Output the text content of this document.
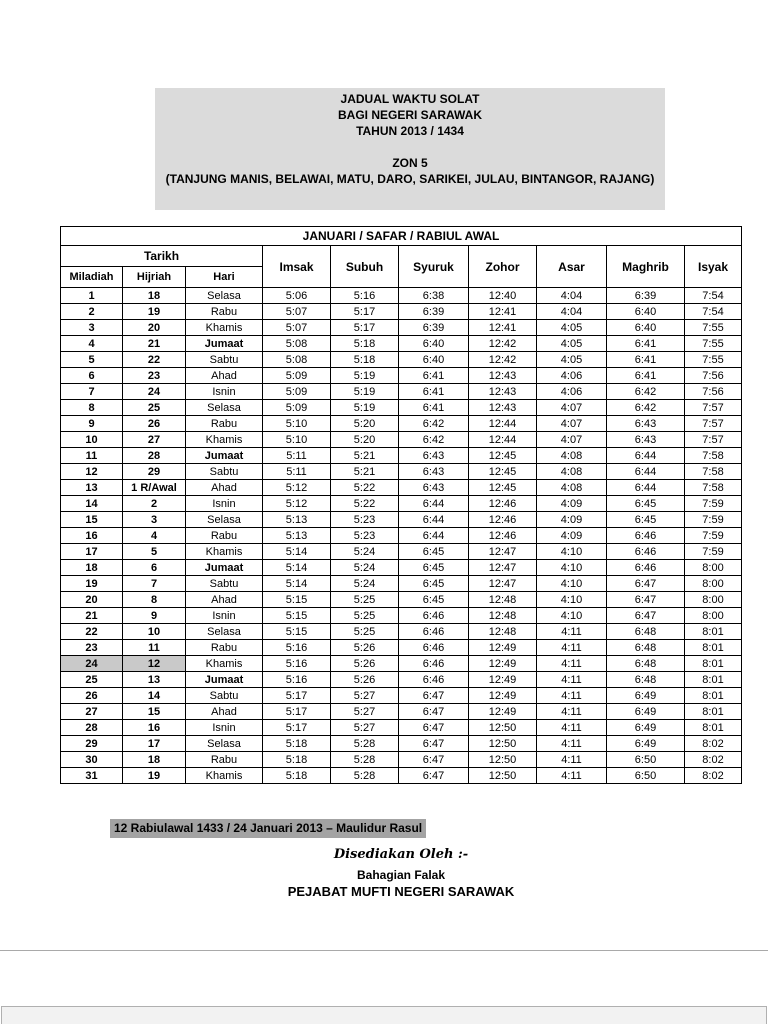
JADUAL WAKTU SOLAT
BAGI NEGERI SARAWAK
TAHUN 2013 / 1434
ZON 5
(TANJUNG MANIS, BELAWAI, MATU, DARO, SARIKEI, JULAU, BINTANGOR, RAJANG)
JANUARI / SAFAR / RABIUL AWAL									
Tarikh			Imsak	Subuh	Syuruk	Zohor	Asar	Maghrib	Isyak
Miladiah	Hijriah	Hari							
1	18	Selasa	5:06	5:16	6:38	12:40	4:04	6:39	7:54
2	19	Rabu	5:07	5:17	6:39	12:41	4:04	6:40	7:54
3	20	Khamis	5:07	5:17	6:39	12:41	4:05	6:40	7:55
4	21	Jumaat	5:08	5:18	6:40	12:42	4:05	6:41	7:55
5	22	Sabtu	5:08	5:18	6:40	12:42	4:05	6:41	7:55
6	23	Ahad	5:09	5:19	6:41	12:43	4:06	6:41	7:56
7	24	Isnin	5:09	5:19	6:41	12:43	4:06	6:42	7:56
8	25	Selasa	5:09	5:19	6:41	12:43	4:07	6:42	7:57
9	26	Rabu	5:10	5:20	6:42	12:44	4:07	6:43	7:57
10	27	Khamis	5:10	5:20	6:42	12:44	4:07	6:43	7:57
11	28	Jumaat	5:11	5:21	6:43	12:45	4:08	6:44	7:58
12	29	Sabtu	5:11	5:21	6:43	12:45	4:08	6:44	7:58
13	1 R/Awal	Ahad	5:12	5:22	6:43	12:45	4:08	6:44	7:58
14	2	Isnin	5:12	5:22	6:44	12:46	4:09	6:45	7:59
15	3	Selasa	5:13	5:23	6:44	12:46	4:09	6:45	7:59
16	4	Rabu	5:13	5:23	6:44	12:46	4:09	6:46	7:59
17	5	Khamis	5:14	5:24	6:45	12:47	4:10	6:46	7:59
18	6	Jumaat	5:14	5:24	6:45	12:47	4:10	6:46	8:00
19	7	Sabtu	5:14	5:24	6:45	12:47	4:10	6:47	8:00
20	8	Ahad	5:15	5:25	6:45	12:48	4:10	6:47	8:00
21	9	Isnin	5:15	5:25	6:46	12:48	4:10	6:47	8:00
22	10	Selasa	5:15	5:25	6:46	12:48	4:11	6:48	8:01
23	11	Rabu	5:16	5:26	6:46	12:49	4:11	6:48	8:01
24	12	Khamis	5:16	5:26	6:46	12:49	4:11	6:48	8:01
25	13	Jumaat	5:16	5:26	6:46	12:49	4:11	6:48	8:01
26	14	Sabtu	5:17	5:27	6:47	12:49	4:11	6:49	8:01
27	15	Ahad	5:17	5:27	6:47	12:49	4:11	6:49	8:01
28	16	Isnin	5:17	5:27	6:47	12:50	4:11	6:49	8:01
29	17	Selasa	5:18	5:28	6:47	12:50	4:11	6:49	8:02
30	18	Rabu	5:18	5:28	6:47	12:50	4:11	6:50	8:02
31	19	Khamis	5:18	5:28	6:47	12:50	4:11	6:50	8:02
12 Rabiulawal 1433 / 24 Januari 2013 – Maulidur Rasul
Disediakan Oleh :-
Bahagian Falak
PEJABAT MUFTI NEGERI SARAWAK
